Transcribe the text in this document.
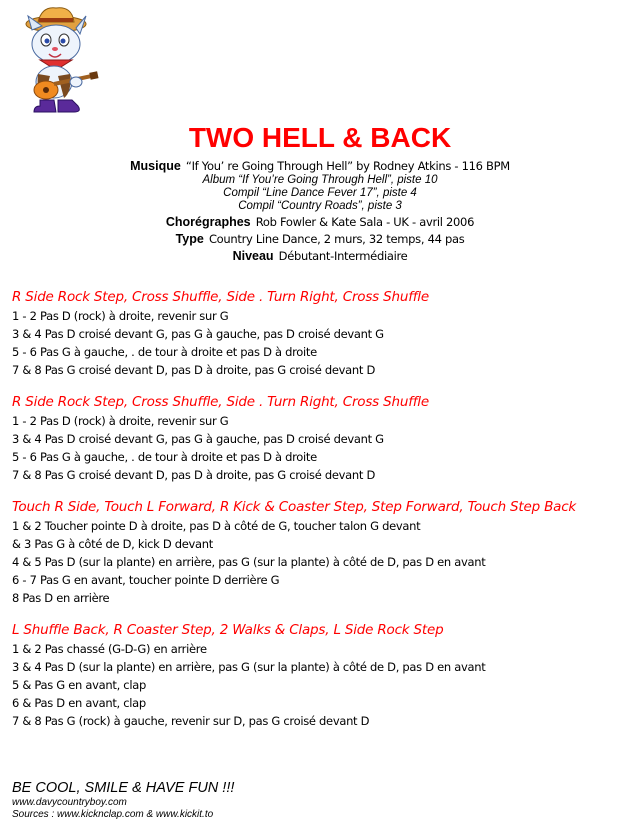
TWO HELL & BACK
Musique “If You’ re Going Through Hell” by Rodney Atkins - 116 BPM
Album “If You’re Going Through Hell”, piste 10
Compil “Line Dance Fever 17”, piste 4
Compil “Country Roads”, piste 3
Chorégraphes Rob Fowler & Kate Sala - UK - avril 2006
Type Country Line Dance, 2 murs, 32 temps, 44 pas
Niveau Débutant-Intermédiaire
R Side Rock Step, Cross Shuffle, Side . Turn Right, Cross Shuffle
1 - 2 Pas D (rock) à droite, revenir sur G
3 & 4 Pas D croisé devant G, pas G à gauche, pas D croisé devant G
5 - 6 Pas G à gauche, . de tour à droite et pas D à droite
7 & 8 Pas G croisé devant D, pas D à droite, pas G croisé devant D
R Side Rock Step, Cross Shuffle, Side . Turn Right, Cross Shuffle
1 - 2 Pas D (rock) à droite, revenir sur G
3 & 4 Pas D croisé devant G, pas G à gauche, pas D croisé devant G
5 - 6 Pas G à gauche, . de tour à droite et pas D à droite
7 & 8 Pas G croisé devant D, pas D à droite, pas G croisé devant D
Touch R Side, Touch L Forward, R Kick & Coaster Step, Step Forward, Touch Step Back
1 & 2 Toucher pointe D à droite, pas D à côté de G, toucher talon G devant
& 3 Pas G à côté de D, kick D devant
4 & 5 Pas D (sur la plante) en arrière, pas G (sur la plante) à côté de D, pas D en avant
6 - 7 Pas G en avant, toucher pointe D derrière G
8 Pas D en arrière
L Shuffle Back, R Coaster Step, 2 Walks & Claps, L Side Rock Step
1 & 2 Pas chassé (G-D-G) en arrière
3 & 4 Pas D (sur la plante) en arrière, pas G (sur la plante) à côté de D, pas D en avant
5 & Pas G en avant, clap
6 & Pas D en avant, clap
7 & 8 Pas G (rock) à gauche, revenir sur D, pas G croisé devant D
BE COOL, SMILE & HAVE FUN !!!
www.davycountryboy.com
Sources : www.kicknclap.com & www.kickit.to
